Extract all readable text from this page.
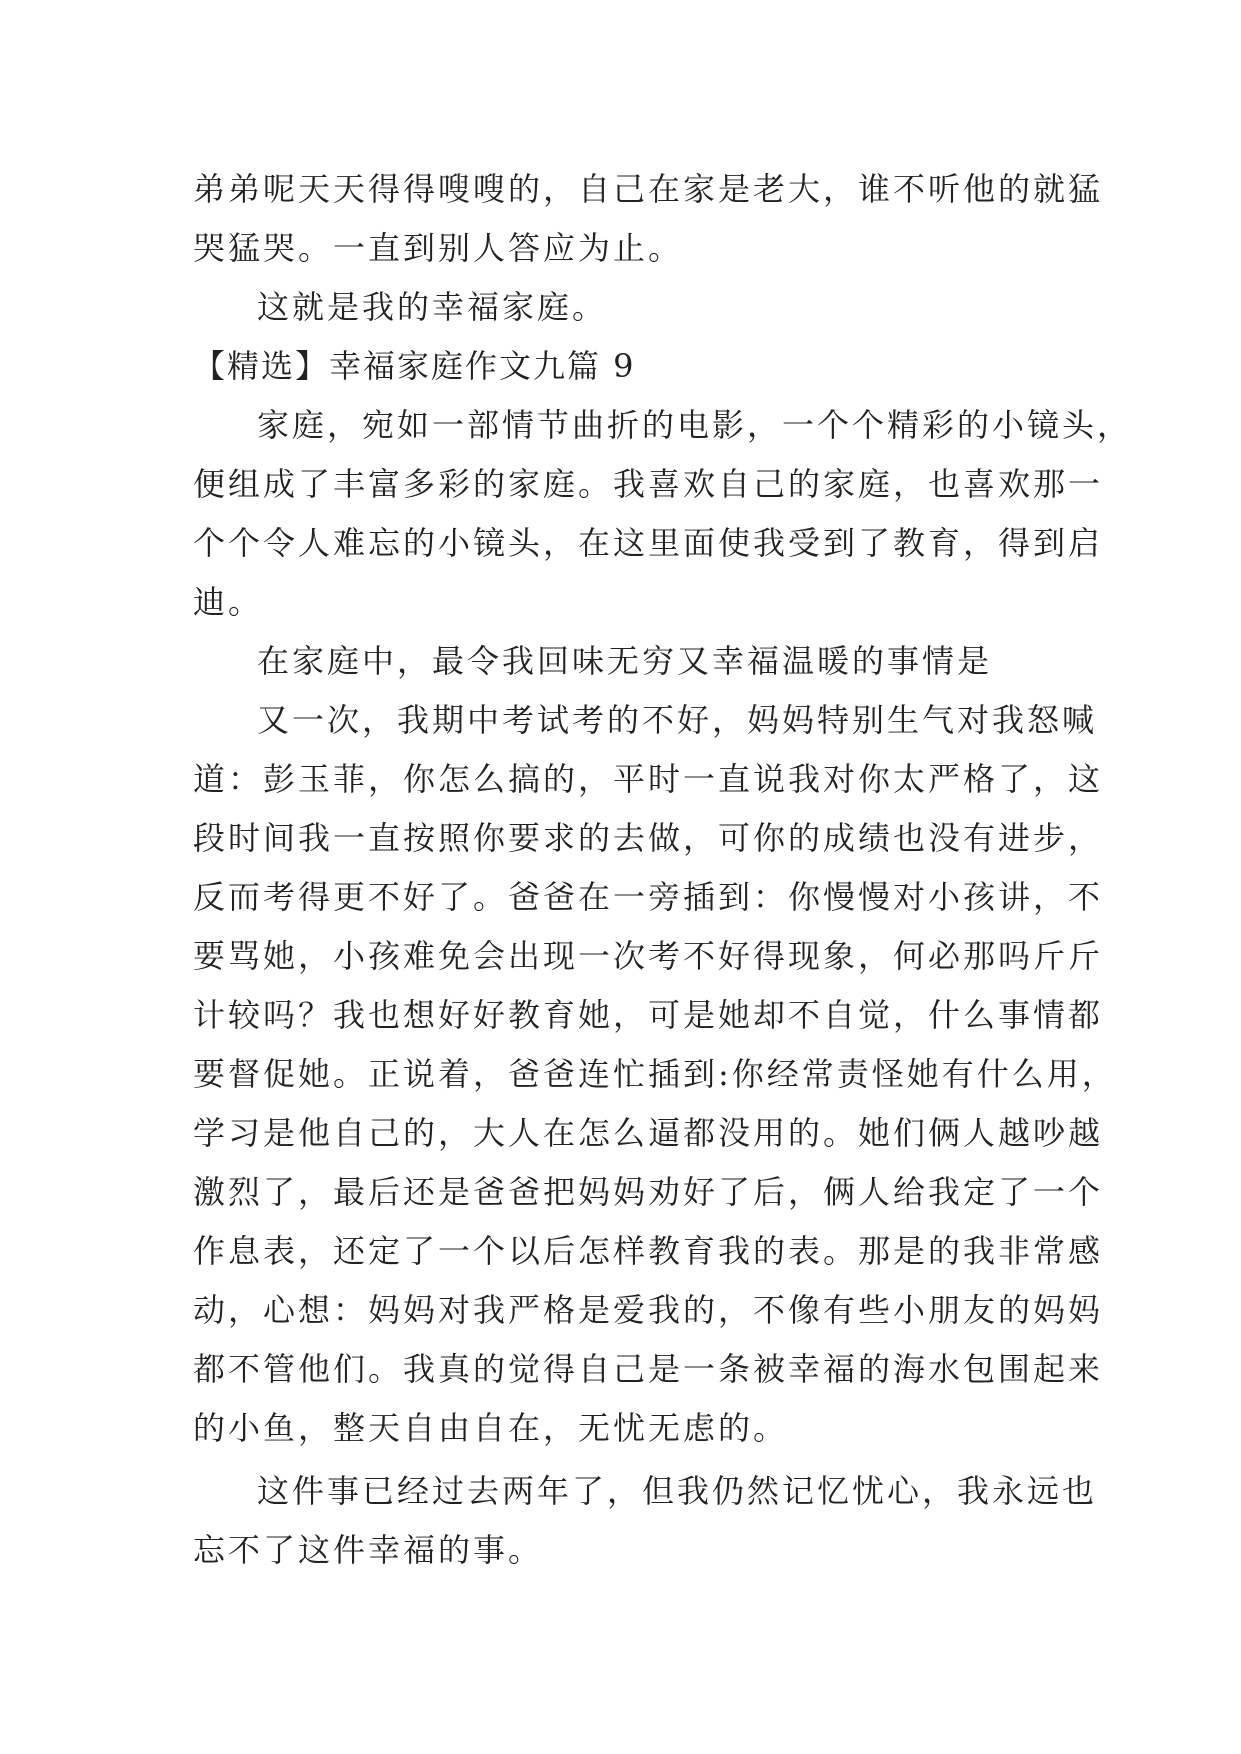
弟弟呢天天得得嗖嗖的，自己在家是老大，谁不听他的就猛
哭猛哭。一直到别人答应为止。
这就是我的幸福家庭。
【精选】幸福家庭作文九篇 9
家庭，宛如一部情节曲折的电影，一个个精彩的小镜头，
便组成了丰富多彩的家庭。我喜欢自己的家庭，也喜欢那一
个个令人难忘的小镜头，在这里面使我受到了教育，得到启
迪。
在家庭中，最令我回味无穷又幸福温暖的事情是
又一次，我期中考试考的不好，妈妈特别生气对我怒喊
道：彭玉菲，你怎么搞的，平时一直说我对你太严格了，这
段时间我一直按照你要求的去做，可你的成绩也没有进步，
反而考得更不好了。爸爸在一旁插到：你慢慢对小孩讲，不
要骂她，小孩难免会出现一次考不好得现象，何必那吗斤斤
计较吗？我也想好好教育她，可是她却不自觉，什么事情都
要督促她。正说着，爸爸连忙插到:你经常责怪她有什么用，
学习是他自己的，大人在怎么逼都没用的。她们俩人越吵越
激烈了，最后还是爸爸把妈妈劝好了后，俩人给我定了一个
作息表，还定了一个以后怎样教育我的表。那是的我非常感
动，心想：妈妈对我严格是爱我的，不像有些小朋友的妈妈
都不管他们。我真的觉得自己是一条被幸福的海水包围起来
的小鱼，整天自由自在，无忧无虑的。
这件事已经过去两年了，但我仍然记忆忧心，我永远也
忘不了这件幸福的事。
